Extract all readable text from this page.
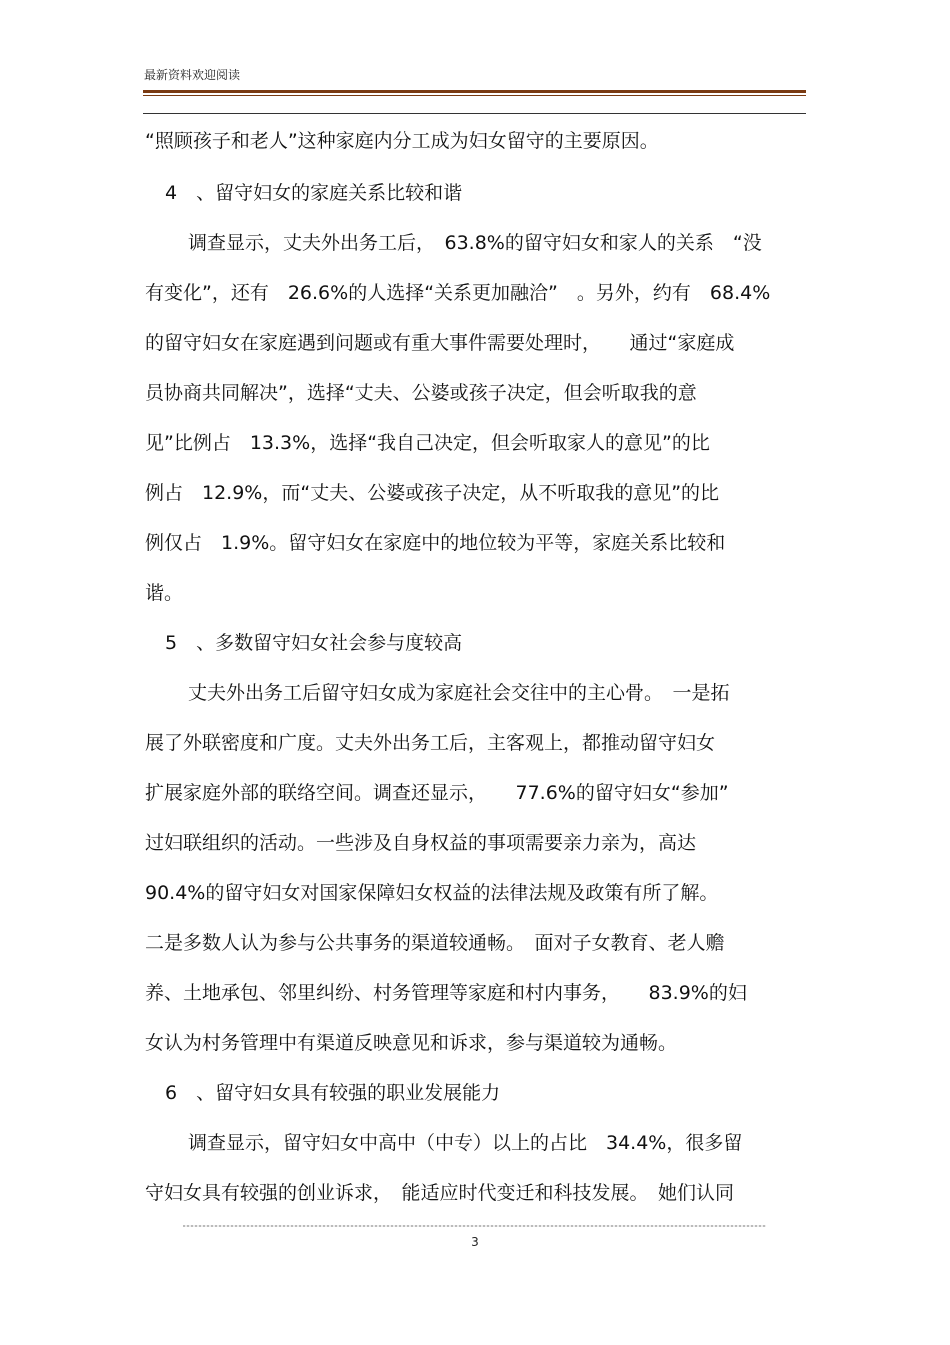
最新资料欢迎阅读
“照顾孩子和老人”这种家庭内分工成为妇女留守的主要原因。
4　、留守妇女的家庭关系比较和谐
调查显示，丈夫外出务工后，　63.8%的留守妇女和家人的关系　“没
有变化”，还有　26.6%的人选择“关系更加融洽”　。另外，约有　68.4%
的留守妇女在家庭遇到问题或有重大事件需要处理时，　　通过“家庭成
员协商共同解决”，选择“丈夫、公婆或孩子决定，但会听取我的意
见”比例占　13.3%，选择“我自己决定，但会听取家人的意见”的比
例占　12.9%，而“丈夫、公婆或孩子决定，从不听取我的意见”的比
例仅占　1.9%。留守妇女在家庭中的地位较为平等，家庭关系比较和
谐。
5　、多数留守妇女社会参与度较高
丈夫外出务工后留守妇女成为家庭社会交往中的主心骨。　一是拓
展了外联密度和广度。丈夫外出务工后，主客观上，都推动留守妇女
扩展家庭外部的联络空间。调查还显示，　　77.6%的留守妇女“参加”
过妇联组织的活动。一些涉及自身权益的事项需要亲力亲为，高达
90.4%的留守妇女对国家保障妇女权益的法律法规及政策有所了解。
二是多数人认为参与公共事务的渠道较通畅。　面对子女教育、老人赡
养、土地承包、邻里纠纷、村务管理等家庭和村内事务，　　83.9%的妇
女认为村务管理中有渠道反映意见和诉求，参与渠道较为通畅。
6　、留守妇女具有较强的职业发展能力
调查显示，留守妇女中高中（中专）以上的占比　34.4%，很多留
守妇女具有较强的创业诉求，　能适应时代变迁和科技发展。　她们认同
3
